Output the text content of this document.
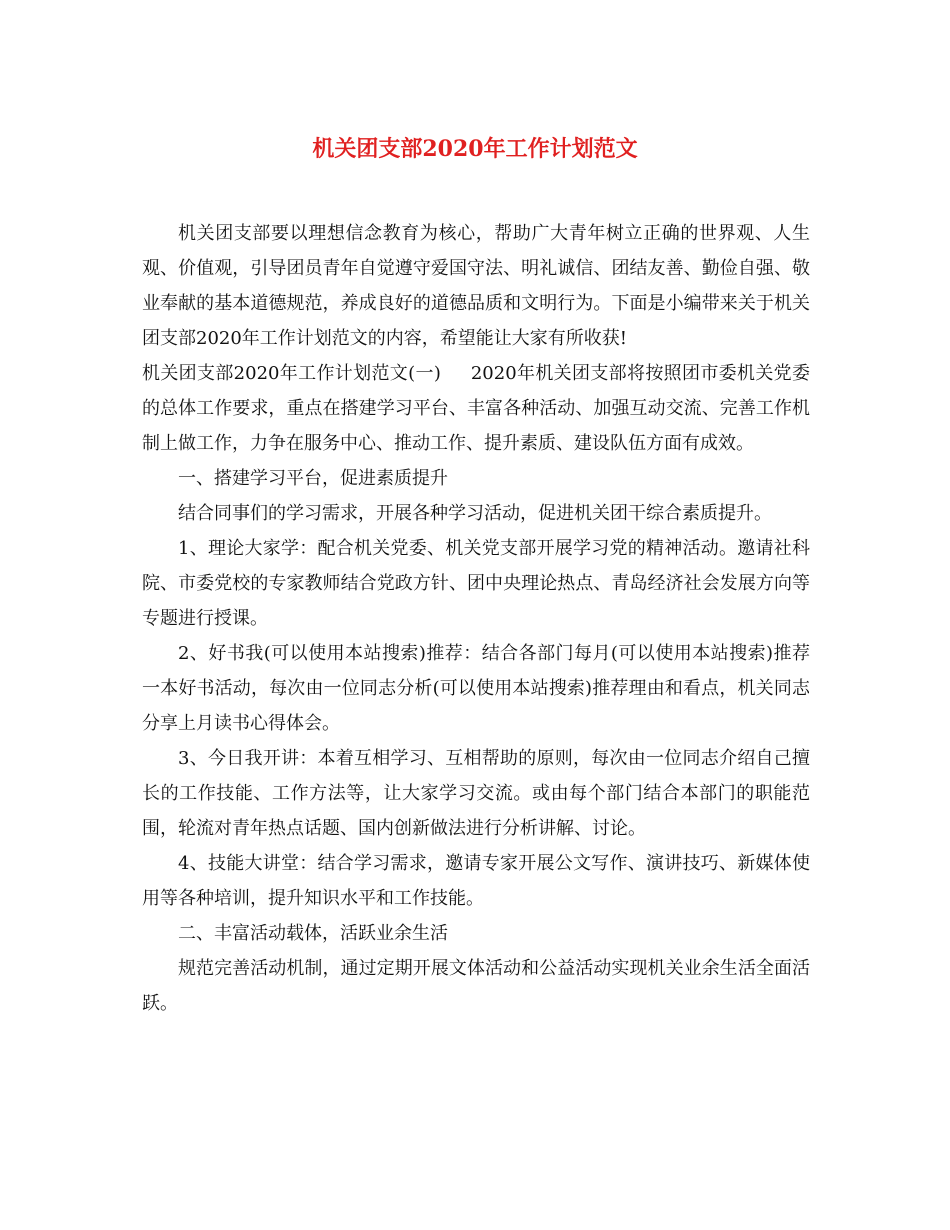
机关团支部2020年工作计划范文

机关团支部要以理想信念教育为核心，帮助广大青年树立正确的世界观、人生观、价值观，引导团员青年自觉遵守爱国守法、明礼诚信、团结友善、勤俭自强、敬业奉献的基本道德规范，养成良好的道德品质和文明行为。下面是小编带来关于机关团支部2020年工作计划范文的内容，希望能让大家有所收获!

机关团支部2020年工作计划范文(一) 2020年机关团支部将按照团市委机关党委的总体工作要求，重点在搭建学习平台、丰富各种活动、加强互动交流、完善工作机制上做工作，力争在服务中心、推动工作、提升素质、建设队伍方面有成效。

一、搭建学习平台，促进素质提升

结合同事们的学习需求，开展各种学习活动，促进机关团干综合素质提升。

1、理论大家学：配合机关党委、机关党支部开展学习党的精神活动。邀请社科院、市委党校的专家教师结合党政方针、团中央理论热点、青岛经济社会发展方向等专题进行授课。

2、好书我(可以使用本站搜索)推荐：结合各部门每月(可以使用本站搜索)推荐一本好书活动，每次由一位同志分析(可以使用本站搜索)推荐理由和看点，机关同志分享上月读书心得体会。

3、今日我开讲：本着互相学习、互相帮助的原则，每次由一位同志介绍自己擅长的工作技能、工作方法等，让大家学习交流。或由每个部门结合本部门的职能范围，轮流对青年热点话题、国内创新做法进行分析讲解、讨论。

4、技能大讲堂：结合学习需求，邀请专家开展公文写作、演讲技巧、新媒体使用等各种培训，提升知识水平和工作技能。

二、丰富活动载体，活跃业余生活

规范完善活动机制，通过定期开展文体活动和公益活动实现机关业余生活全面活跃。
